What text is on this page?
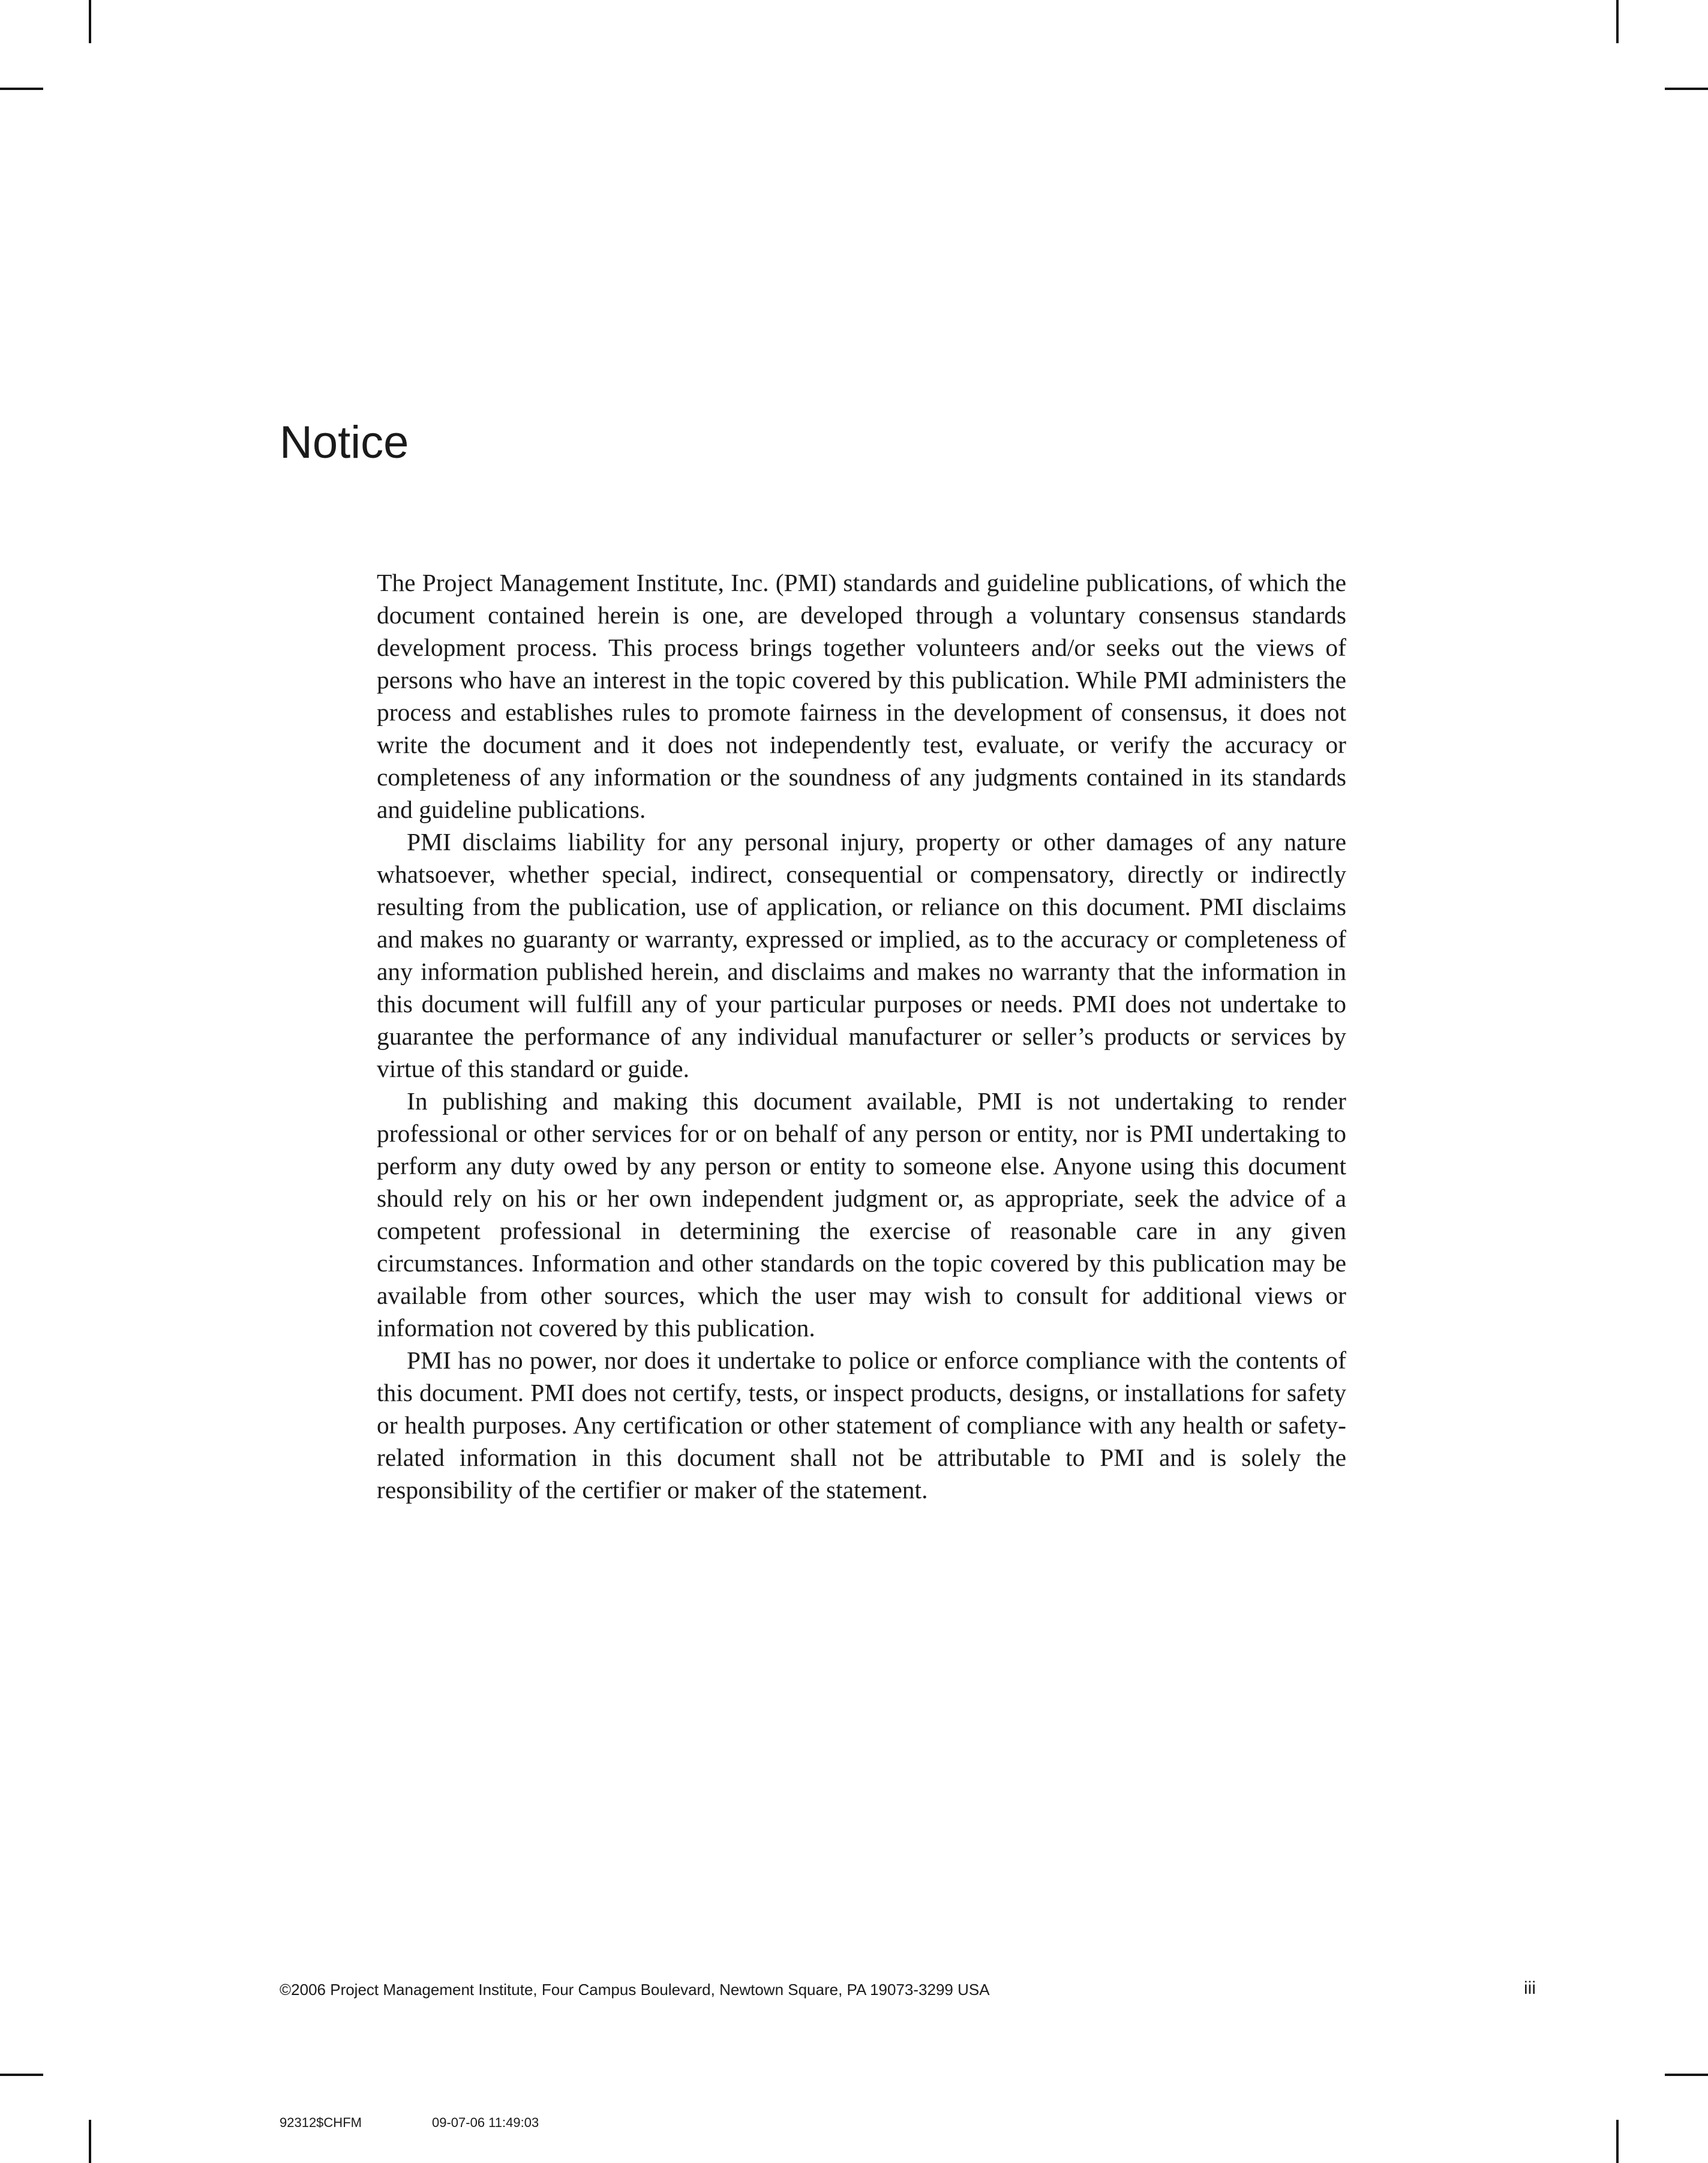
Notice

The Project Management Institute, Inc. (PMI) standards and guideline publications, of which the document contained herein is one, are developed through a voluntary consensus standards development process. This process brings together volunteers and/or seeks out the views of persons who have an interest in the topic covered by this publication. While PMI administers the process and establishes rules to promote fairness in the development of consensus, it does not write the document and it does not independently test, evaluate, or verify the accuracy or completeness of any information or the soundness of any judgments contained in its standards and guideline publications.

PMI disclaims liability for any personal injury, property or other damages of any nature whatsoever, whether special, indirect, consequential or compensatory, directly or indirectly resulting from the publication, use of application, or reliance on this document. PMI disclaims and makes no guaranty or warranty, expressed or implied, as to the accuracy or completeness of any information published herein, and disclaims and makes no warranty that the information in this document will fulfill any of your particular purposes or needs. PMI does not undertake to guarantee the performance of any individual manufacturer or seller’s products or services by virtue of this standard or guide.

In publishing and making this document available, PMI is not undertaking to render professional or other services for or on behalf of any person or entity, nor is PMI undertaking to perform any duty owed by any person or entity to someone else. Anyone using this document should rely on his or her own independent judgment or, as appropriate, seek the advice of a competent professional in determining the exercise of reasonable care in any given circumstances. Information and other standards on the topic covered by this publication may be available from other sources, which the user may wish to consult for additional views or information not covered by this publication.

PMI has no power, nor does it undertake to police or enforce compliance with the contents of this document. PMI does not certify, tests, or inspect products, designs, or installations for safety or health purposes. Any certification or other statement of compliance with any health or safety-related information in this document shall not be attributable to PMI and is solely the responsibility of the certifier or maker of the statement.

©2006 Project Management Institute, Four Campus Boulevard, Newtown Square, PA 19073-3299 USA	iii
92312$CHFM	09-07-06 11:49:03
